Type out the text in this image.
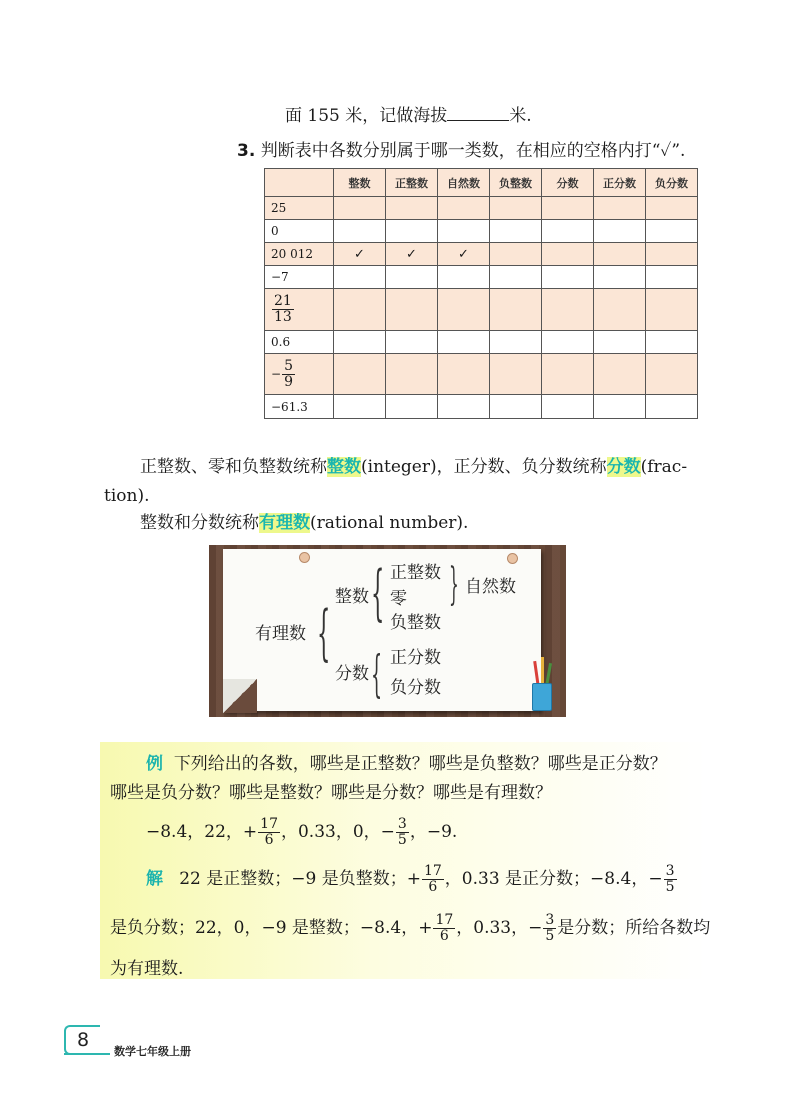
面 155 米，记做海拔	米.
3. 判断表中各数分别属于哪一类数，在相应的空格内打“✓”.
	整数	正整数	自然数	负整数	分数	正分数	负分数
25							
0							
20 012	✓	✓	✓				
−7							

$\frac{21}{13}$

0.6							
− $\frac{5}{9}$

−61.3							
正整数、零和负整数统称整数(integer)，正分数、负分数统称分数(frac-
tion).
整数和分数统称有理数(rational number).
有理数 {
整数 { 正整数
零
负整数
} 自然数
分数 { 正分数
负分数
例 下列给出的各数，哪些是正整数？哪些是负整数？哪些是正分数？
哪些是负分数？哪些是整数？哪些是分数？哪些是有理数？
−8.4，22，+ $\frac{17}{6}$ ，0.33，0，− $\frac{3}{5}$ ，−9.
解 22 是正整数；−9 是负整数；+ $\frac{17}{6}$ ，0.33 是正分数；−8.4，− $\frac{3}{5}$
是负分数；22，0，−9 是整数；−8.4，+ $\frac{17}{6}$ ，0.33，− $\frac{3}{5}$ 是分数；所给各数均
为有理数.
8
数学七年级上册
